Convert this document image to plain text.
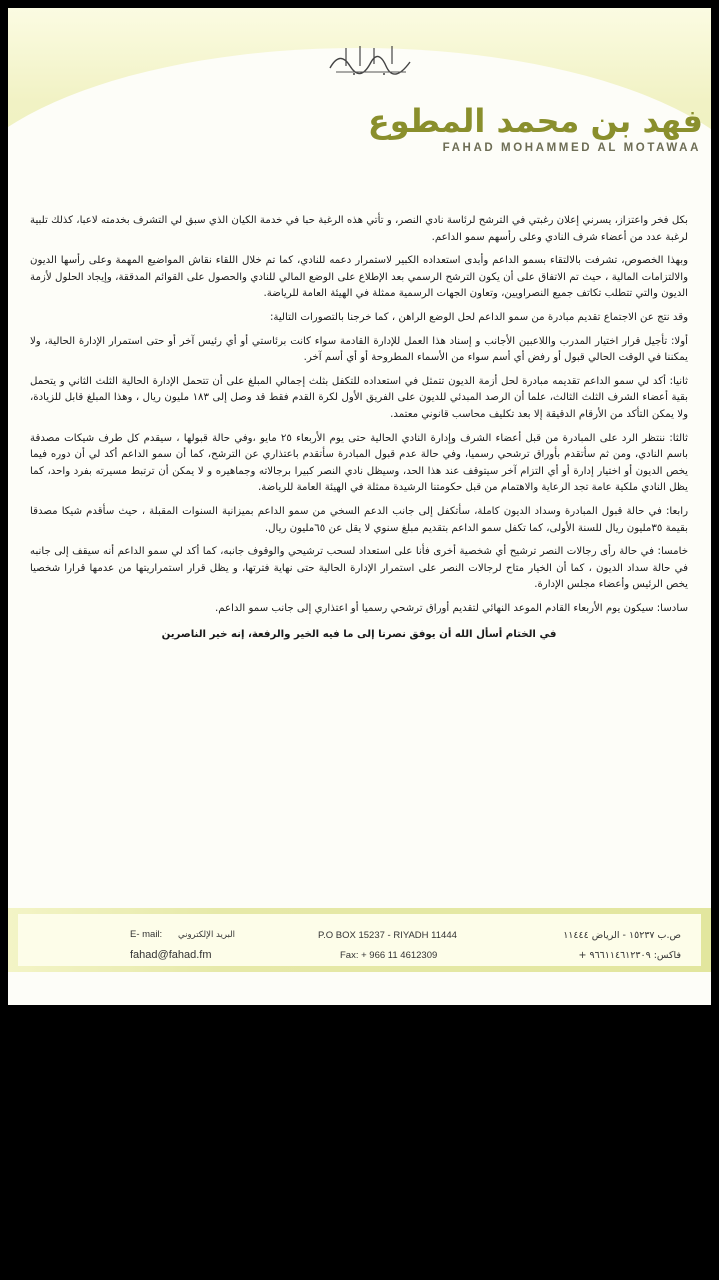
فهد بن محمد المطوع
FAHAD MOHAMMED AL MOTAWAA

بكل فخر واعتزاز، يسرني إعلان رغبتي في الترشح لرئاسة نادي النصر، و تأتي هذه الرغبة حبا في خدمة الكيان الذي سبق لي التشرف بخدمته لاعبا، كذلك تلبية لرغبة عدد من أعضاء شرف النادي وعلى رأسهم سمو الداعم.

وبهذا الخصوص، تشرفت بالالتقاء بسمو الداعم وأبدى استعداده الكبير لاستمرار دعمه للنادي، كما تم خلال اللقاء نقاش المواضيع المهمة وعلى رأسها الديون والالتزامات المالية ، حيث تم الاتفاق على أن يكون الترشح الرسمي بعد الإطلاع على الوضع المالي للنادي والحصول على القوائم المدققة، وإيجاد الحلول لأزمة الديون والتي تتطلب تكاتف جميع النصراويين، وتعاون الجهات الرسمية ممثلة في الهيئة العامة للرياضة.

وقد نتج عن الاجتماع تقديم مبادرة من سمو الداعم لحل الوضع الراهن ، كما خرجنا بالتصورات التالية:

أولا: تأجيل قرار اختيار المدرب واللاعبين الأجانب و إسناد هذا العمل للإدارة القادمة سواء كانت برئاستي أو أي رئيس آخر أو حتى استمرار الإدارة الحالية، ولا يمكننا في الوقت الحالي قبول أو رفض أي أسم سواء من الأسماء المطروحة أو أي أسم آخر.

ثانيا: أكد لي سمو الداعم تقديمه مبادرة لحل أزمة الديون تتمثل في استعداده للتكفل بثلث إجمالي المبلغ على أن تتحمل الإدارة الحالية الثلث الثاني و يتحمل بقية أعضاء الشرف الثلث الثالث، علما أن الرصد المبدئي للديون على الفريق الأول لكرة القدم فقط قد وصل إلى ١٨٣ مليون ريال ، وهذا المبلغ قابل للزيادة، ولا يمكن التأكد من الأرقام الدقيقة إلا بعد تكليف محاسب قانوني معتمد.

ثالثا: ننتظر الرد على المبادرة من قبل أعضاء الشرف وإدارة النادي الحالية حتى يوم الأربعاء ٢٥ مايو ،وفي حالة قبولها ، سيقدم كل طرف شيكات مصدقة باسم النادي، ومن ثم سأتقدم بأوراق ترشحي رسميا، وفي حالة عدم قبول المبادرة سأتقدم باعتذاري عن الترشح، كما أن سمو الداعم أكد لي أن دوره فيما يخص الديون أو اختيار إدارة أو أي التزام آخر سيتوقف عند هذا الحد، وسيظل نادي النصر كبيرا برجالاته وجماهيره و لا يمكن أن ترتبط مسيرته بفرد واحد، كما يظل النادي ملكية عامة تجد الرعاية والاهتمام من قبل حكومتنا الرشيدة ممثلة في الهيئة العامة للرياضة.

رابعا: في حالة قبول المبادرة وسداد الديون كاملة، سأتكفل إلى جانب الدعم السخي من سمو الداعم بميزانية السنوات المقبلة ، حيث سأقدم شيكا مصدقا بقيمة ٣٥مليون ريال للسنة الأولى، كما تكفل سمو الداعم بتقديم مبلغ سنوي لا يقل عن ٦٥مليون ريال.

خامسا: في حالة رأى رجالات النصر ترشيح أي شخصية أخرى فأنا على استعداد لسحب ترشيحي والوقوف جانبه، كما أكد لي سمو الداعم أنه سيقف إلى جانبه في حالة سداد الديون ، كما أن الخيار متاح لرجالات النصر على استمرار الإدارة الحالية حتى نهاية فترتها، و يظل قرار استمراريتها من عدمها قرارا شخصيا يخص الرئيس وأعضاء مجلس الإدارة.

سادسا: سيكون يوم الأربعاء القادم الموعد النهائي لتقديم أوراق ترشحي رسميا أو اعتذاري إلى جانب سمو الداعم.

في الختام أسأل الله أن يوفق نصرنا إلى ما فيه الخير والرفعة، إنه خير الناصرين

ص.ب ١٥٢٣٧ - الرياض ١١٤٤٤
فاكس: ٩٦٦١١٤٦١٢٣٠٩ +
P.O BOX 15237 - RIYADH 11444
Fax: + 966 11 4612309
البريد الإلكتروني
E- mail:
fahad@fahad.fm
